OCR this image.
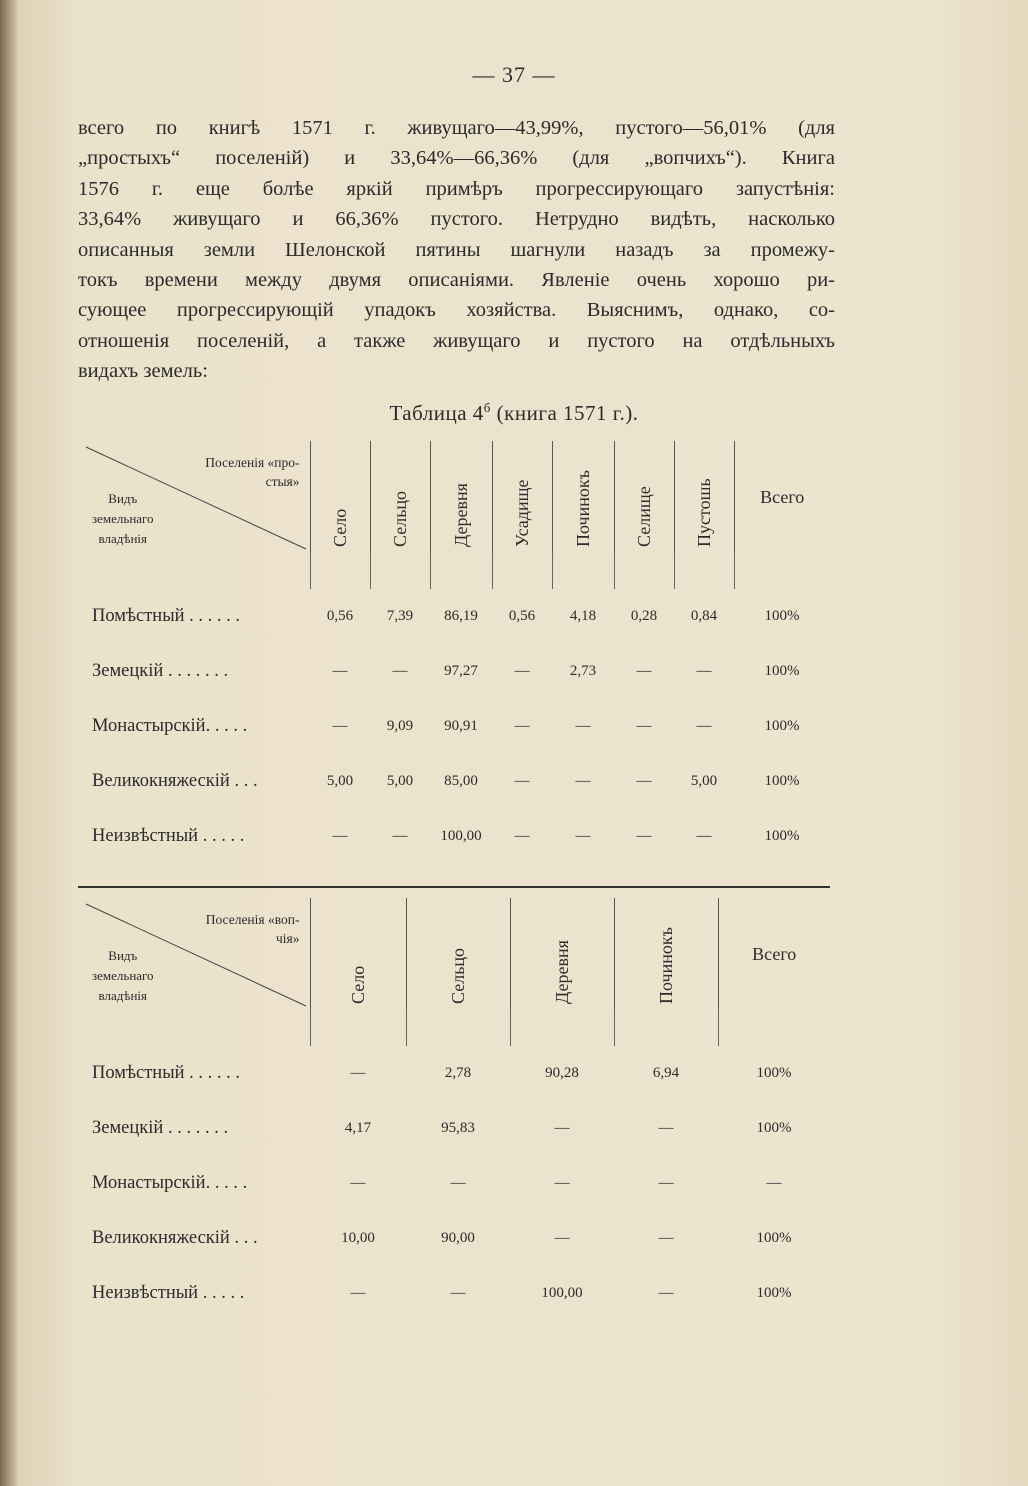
— 37 —
всего по книгѣ 1571 г. живущаго—43,99%, пустого—56,01% (для
„простыхъ“ поселеній) и 33,64%—66,36% (для „вопчихъ“). Книга
1576 г. еще болѣе яркій примѣръ прогрессирующаго запустѣнія:
33,64% живущаго и 66,36% пустого. Нетрудно видѣть, насколько
описанныя земли Шелонской пятины шагнули назадъ за промежу-
токъ времени между двумя описаніями. Явленіе очень хорошо ри-
сующее прогрессирующій упадокъ хозяйства. Выяснимъ, однако, со-
отношенія поселеній, а также живущаго и пустого на отдѣльныхъ
видахъ земель:
Таблица $4^б$ (книга 1571 г.).
Поселенія «про-
стыя»
Видъ
земельнаго
владѣнія	Село	Сельцо	Деревня	Усадище	Починокъ	Селище	Пустошь	Всего

Помѣстный . . . . . .	0,56	7,39	86,19	0,56	4,18	0,28	0,84	100%
Земецкій . . . . . . .	—	—	97,27	—	2,73	—	—	100%
Монастырскій. . . . .	—	9,09	90,91	—	—	—	—	100%
Великокняжескій . . .	5,00	5,00	85,00	—	—	—	5,00	100%
Неизвѣстный . . . . .	—	—	100,00	—	—	—	—	100%

Поселенія «воп-
чія»
Видъ
земельнаго
владѣнія	Село	Сельцо	Деревня	Починокъ	Всего

Помѣстный . . . . . .	—	2,78	90,28	6,94	100%
Земецкій . . . . . . .	4,17	95,83	—	—	100%
Монастырскій. . . . .	—	—	—	—	—
Великокняжескій . . .	10,00	90,00	—	—	100%
Неизвѣстный . . . . .	—	—	100,00	—	100%
